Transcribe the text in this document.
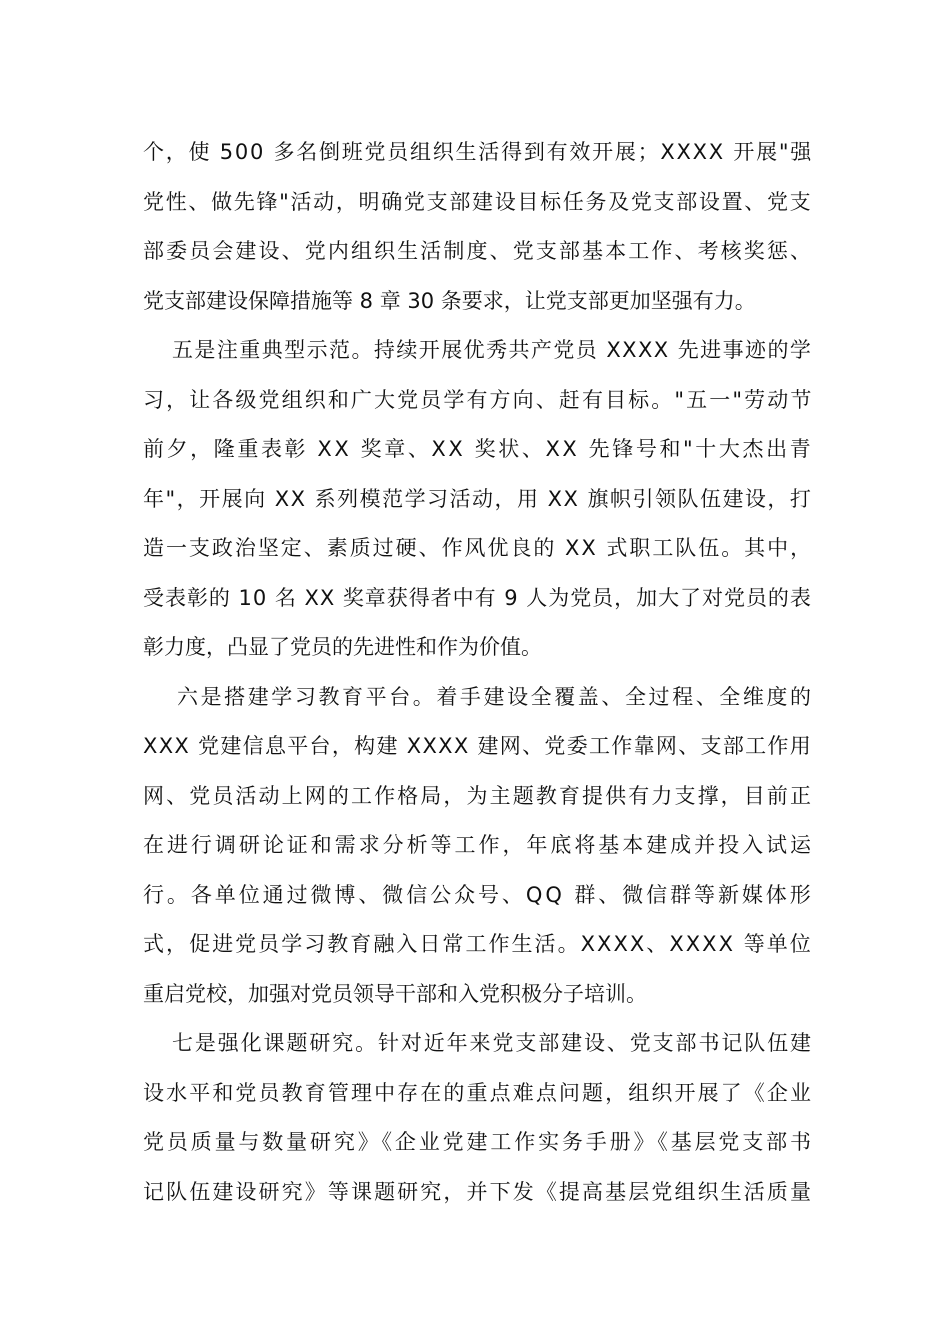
个，使 500 多名倒班党员组织生活得到有效开展；XXXX 开展"强
党性、做先锋"活动，明确党支部建设目标任务及党支部设置、党支
部委员会建设、党内组织生活制度、党支部基本工作、考核奖惩、
党支部建设保障措施等 8 章 30 条要求，让党支部更加坚强有力。
五是注重典型示范。持续开展优秀共产党员 XXXX 先进事迹的学
习，让各级党组织和广大党员学有方向、赶有目标。"五一"劳动节
前夕，隆重表彰 XX 奖章、XX 奖状、XX 先锋号和"十大杰出青
年"，开展向 XX 系列模范学习活动，用 XX 旗帜引领队伍建设，打
造一支政治坚定、素质过硬、作风优良的 XX 式职工队伍。其中，
受表彰的 10 名 XX 奖章获得者中有 9 人为党员，加大了对党员的表
彰力度，凸显了党员的先进性和作为价值。
六是搭建学习教育平台。着手建设全覆盖、全过程、全维度的
XXX 党建信息平台，构建 XXXX 建网、党委工作靠网、支部工作用
网、党员活动上网的工作格局，为主题教育提供有力支撑，目前正
在进行调研论证和需求分析等工作，年底将基本建成并投入试运
行。各单位通过微博、微信公众号、QQ 群、微信群等新媒体形
式，促进党员学习教育融入日常工作生活。XXXX、XXXX 等单位
重启党校，加强对党员领导干部和入党积极分子培训。
七是强化课题研究。针对近年来党支部建设、党支部书记队伍建
设水平和党员教育管理中存在的重点难点问题，组织开展了《企业
党员质量与数量研究》《企业党建工作实务手册》《基层党支部书
记队伍建设研究》等课题研究，并下发《提高基层党组织生活质量
